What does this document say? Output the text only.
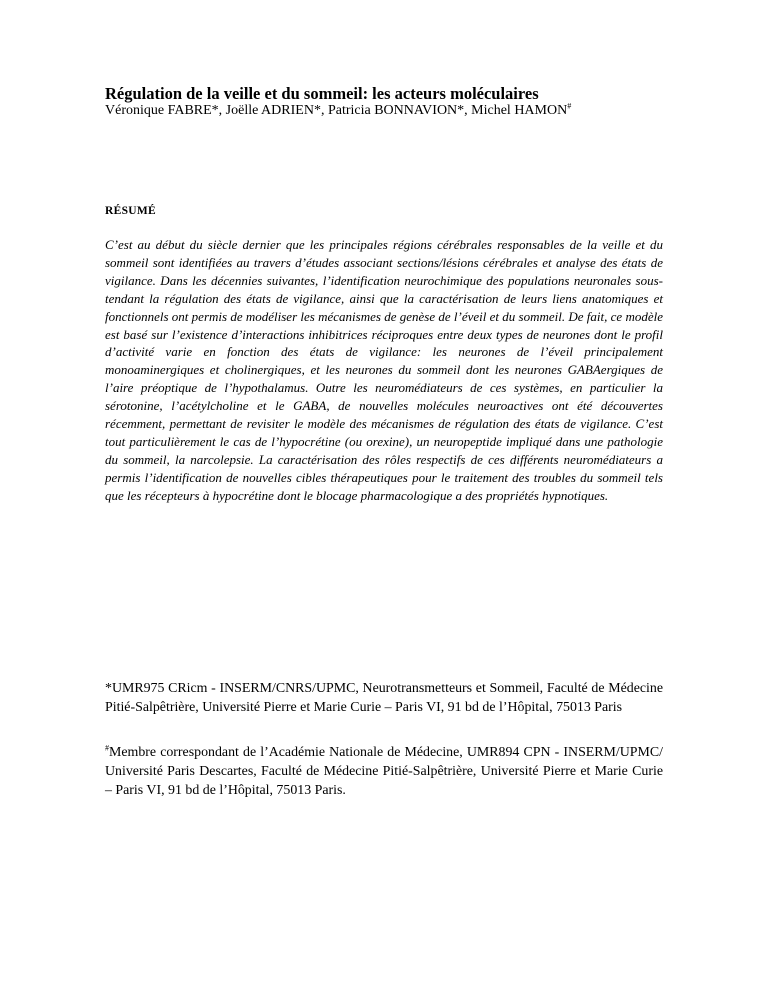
Régulation de la veille et du sommeil: les acteurs moléculaires
Véronique FABRE*, Joëlle ADRIEN*, Patricia BONNAVION*, Michel HAMON#
RÉSUMÉ

C’est au début du siècle dernier que les principales régions cérébrales responsables de la veille et du sommeil sont identifiées au travers d’études associant sections/lésions cérébrales et analyse des états de vigilance. Dans les décennies suivantes, l’identification neurochimique des populations neuronales sous-tendant la régulation des états de vigilance, ainsi que la caractérisation de leurs liens anatomiques et fonctionnels ont permis de modéliser les mécanismes de genèse de l’éveil et du sommeil. De fait, ce modèle est basé sur l’existence d’interactions inhibitrices réciproques entre deux types de neurones dont le profil d’activité varie en fonction des états de vigilance: les neurones de l’éveil principalement monoaminergiques et cholinergiques, et les neurones du sommeil dont les neurones GABAergiques de l’aire préoptique de l’hypothalamus. Outre les neuromédiateurs de ces systèmes, en particulier la sérotonine, l’acétylcholine et le GABA, de nouvelles molécules neuroactives ont été découvertes récemment, permettant de revisiter le modèle des mécanismes de régulation des états de vigilance. C’est tout particulièrement le cas de l’hypocrétine (ou orexine), un neuropeptide impliqué dans une pathologie du sommeil, la narcolepsie. La caractérisation des rôles respectifs de ces différents neuromédiateurs a permis l’identification de nouvelles cibles thérapeutiques pour le traitement des troubles du sommeil tels que les récepteurs à hypocrétine dont le blocage pharmacologique a des propriétés hypnotiques.

*UMR975 CRicm - INSERM/CNRS/UPMC, Neurotransmetteurs et Sommeil, Faculté de Médecine Pitié-Salpêtrière, Université Pierre et Marie Curie – Paris VI, 91 bd de l’Hôpital, 75013 Paris

#Membre correspondant de l’Académie Nationale de Médecine, UMR894 CPN - INSERM/UPMC/ Université Paris Descartes, Faculté de Médecine Pitié-Salpêtrière, Université Pierre et Marie Curie – Paris VI, 91 bd de l’Hôpital, 75013 Paris.
